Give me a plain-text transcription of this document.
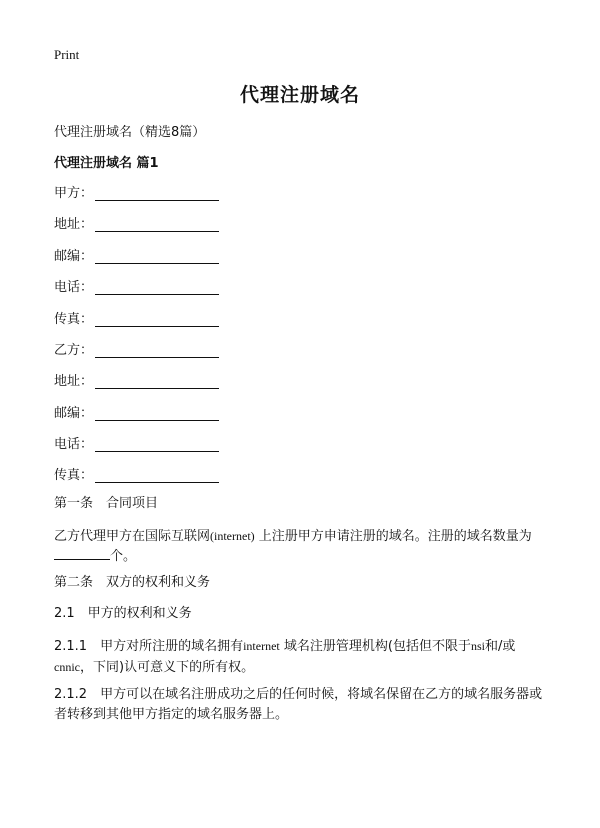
Print
代理注册域名
代理注册域名（精选8篇）
代理注册域名 篇1
甲方：
地址：
邮编：
电话：
传真：
乙方：
地址：
邮编：
电话：
传真：
第一条　合同项目
乙方代理甲方在国际互联网(internet) 上注册甲方申请注册的域名。注册的域名数量为个。
第二条　双方的权利和义务
2.1　甲方的权利和义务
2.1.1　甲方对所注册的域名拥有internet 域名注册管理机构(包括但不限于nsi和/或cnnic，下同)认可意义下的所有权。
2.1.2　甲方可以在域名注册成功之后的任何时候，将域名保留在乙方的域名服务器或者转移到其他甲方指定的域名服务器上。
